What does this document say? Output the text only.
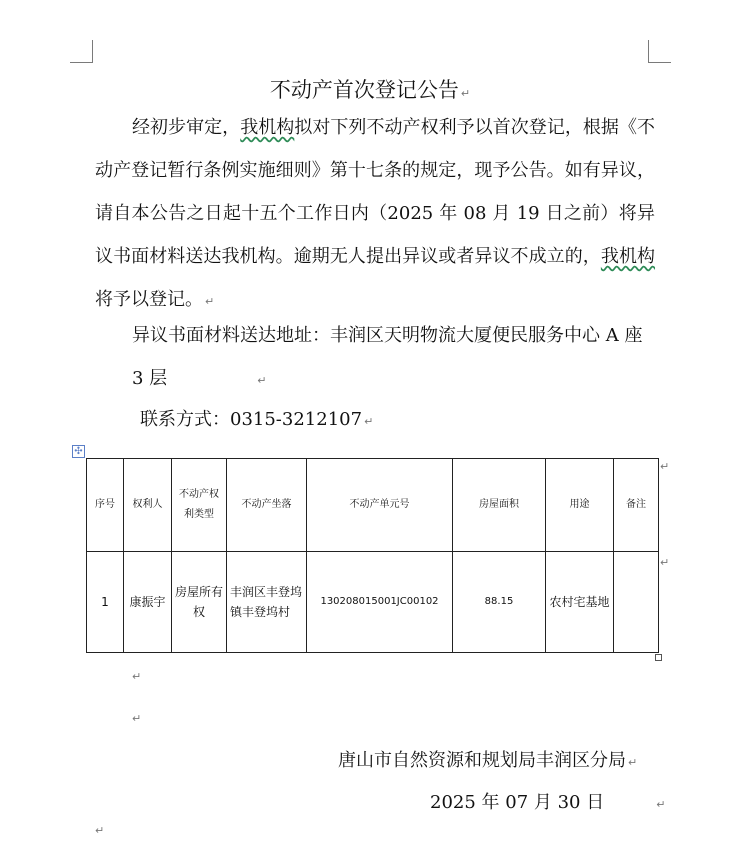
不动产首次登记公告 ↵
经初步审定，我机构拟对下列不动产权利予以首次登记，根据《不动产登记暂行条例实施细则》第十七条的规定，现予公告。如有异议，请自本公告之日起十五个工作日内（2025 年 08 月 19 日之前）将异议书面材料送达我机构。逾期无人提出异议或者异议不成立的，我机构将予以登记。 ↵
异议书面材料送达地址：丰润区天明物流大厦便民服务中心 A 座 3 层	↵
联系方式：0315-3212107 ↵
✣
序号	权利人	不动产权利类型	不动产坐落	不动产单元号	房屋面积	用途	备注
1	康振宇	房屋所有权	丰润区丰登坞镇丰登坞村	130208015001JC00102	88.15	农村宅基地	
↵
↵
↵
↵
唐山市自然资源和规划局丰润区分局 ↵
2025 年 07 月 30 日	↵
↵
